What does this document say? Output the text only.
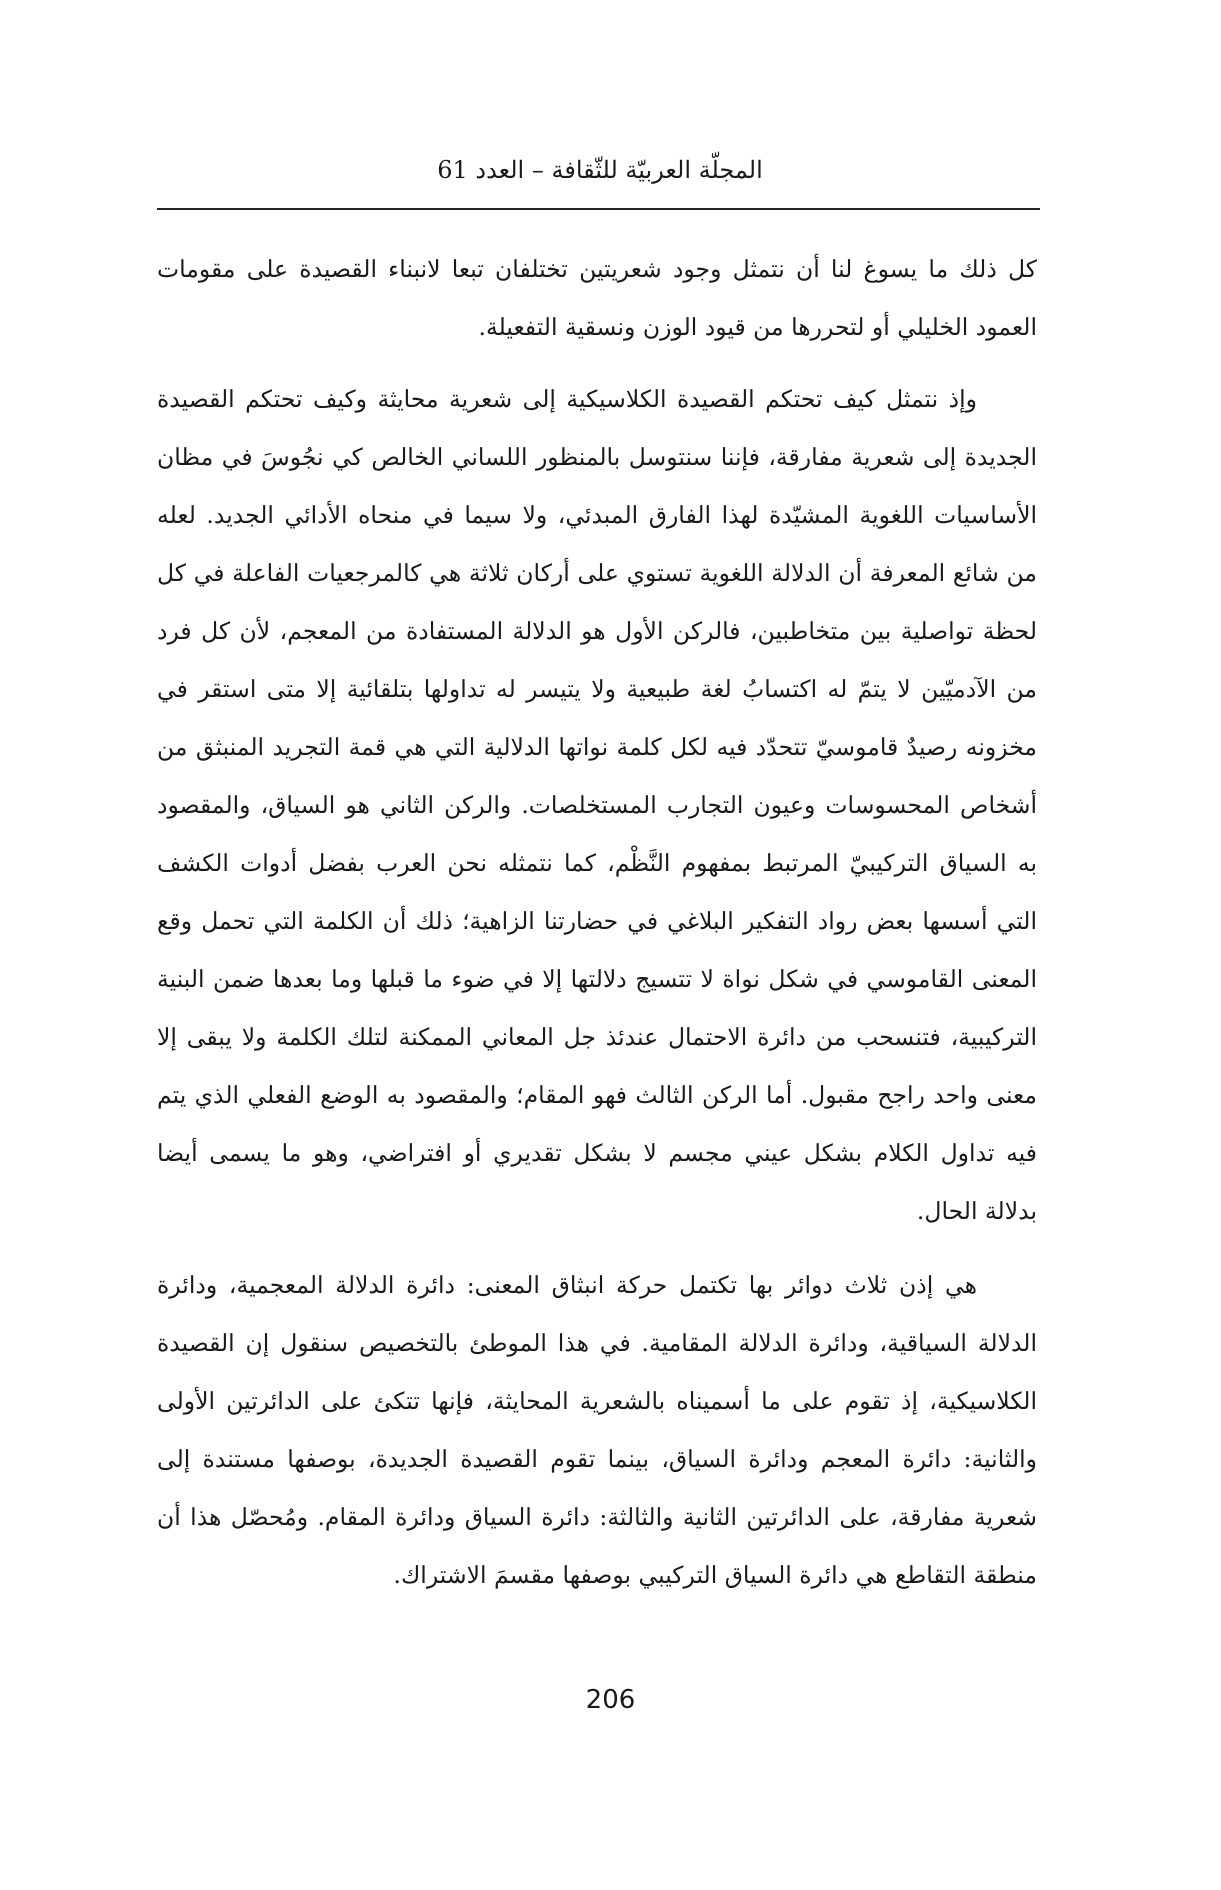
المجلّة العربيّة للثّقافة – العدد 61

كل ذلك ما يسوغ لنا أن نتمثل وجود شعريتين تختلفان تبعا لانبناء القصيدة على مقومات العمود الخليلي أو لتحررها من قيود الوزن ونسقية التفعيلة.

وإذ نتمثل كيف تحتكم القصيدة الكلاسيكية إلى شعرية محايثة وكيف تحتكم القصيدة الجديدة إلى شعرية مفارقة، فإننا سنتوسل بالمنظور اللساني الخالص كي نجُوسَ في مظان الأساسيات اللغوية المشيّدة لهذا الفارق المبدئي، ولا سيما في منحاه الأدائي الجديد. لعله من شائع المعرفة أن الدلالة اللغوية تستوي على أركان ثلاثة هي كالمرجعيات الفاعلة في كل لحظة تواصلية بين متخاطبين، فالركن الأول هو الدلالة المستفادة من المعجم، لأن كل فرد من الآدميّين لا يتمّ له اكتسابُ لغة طبيعية ولا يتيسر له تداولها بتلقائية إلا متى استقر في مخزونه رصيدٌ قاموسيّ تتحدّد فيه لكل كلمة نواتها الدلالية التي هي قمة التجريد المنبثق من أشخاص المحسوسات وعيون التجارب المستخلصات. والركن الثاني هو السياق، والمقصود به السياق التركيبيّ المرتبط بمفهوم النَّظْم، كما نتمثله نحن العرب بفضل أدوات الكشف التي أسسها بعض رواد التفكير البلاغي في حضارتنا الزاهية؛ ذلك أن الكلمة التي تحمل وقع المعنى القاموسي في شكل نواة لا تتسيج دلالتها إلا في ضوء ما قبلها وما بعدها ضمن البنية التركيبية، فتنسحب من دائرة الاحتمال عندئذ جل المعاني الممكنة لتلك الكلمة ولا يبقى إلا معنى واحد راجح مقبول. أما الركن الثالث فهو المقام؛ والمقصود به الوضع الفعلي الذي يتم فيه تداول الكلام بشكل عيني مجسم لا بشكل تقديري أو افتراضي، وهو ما يسمى أيضا بدلالة الحال.

هي إذن ثلاث دوائر بها تكتمل حركة انبثاق المعنى: دائرة الدلالة المعجمية، ودائرة الدلالة السياقية، ودائرة الدلالة المقامية. في هذا الموطئ بالتخصيص سنقول إن القصيدة الكلاسيكية، إذ تقوم على ما أسميناه بالشعرية المحايثة، فإنها تتكئ على الدائرتين الأولى والثانية: دائرة المعجم ودائرة السياق، بينما تقوم القصيدة الجديدة، بوصفها مستندة إلى شعرية مفارقة، على الدائرتين الثانية والثالثة: دائرة السياق ودائرة المقام. ومُحصّل هذا أن منطقة التقاطع هي دائرة السياق التركيبي بوصفها مقسمَ الاشتراك.

206
